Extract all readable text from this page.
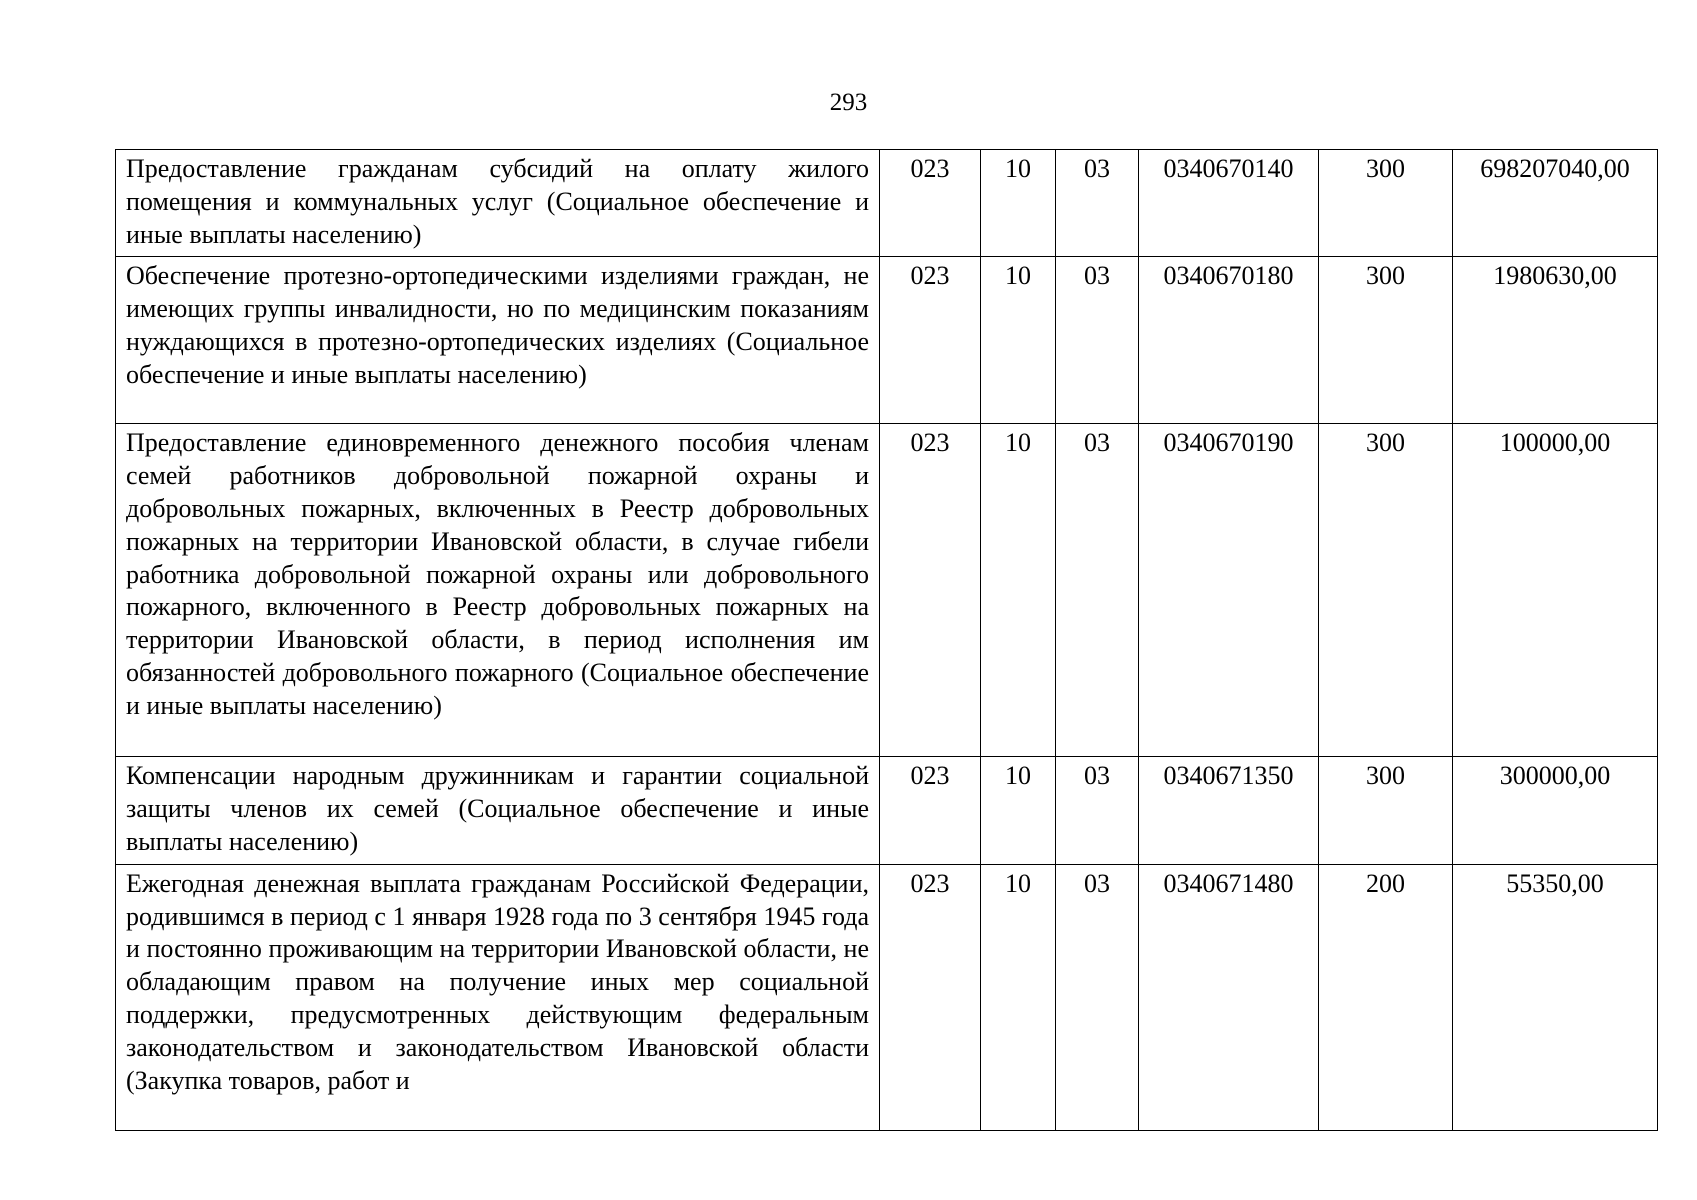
293
Предоставление гражданам субсидий на оплату жилого помещения и коммунальных услуг (Социальное обеспечение и иные выплаты населению)	023	10	03	0340670140	300	698207040,00
Обеспечение протезно-ортопедическими изделиями граждан, не имеющих группы инвалидности, но по медицинским показаниям нуждающихся в протезно-ортопедических изделиях (Социальное обеспечение и иные выплаты населению)	023	10	03	0340670180	300	1980630,00
Предоставление единовременного денежного пособия членам семей работников добровольной пожарной охраны и добровольных пожарных, включенных в Реестр добровольных пожарных на территории Ивановской области, в случае гибели работника добровольной пожарной охраны или добровольного пожарного, включенного в Реестр добровольных пожарных на территории Ивановской области, в период исполнения им обязанностей добровольного пожарного (Социальное обеспечение и иные выплаты населению)	023	10	03	0340670190	300	100000,00
Компенсации народным дружинникам и гарантии социальной защиты членов их семей (Социальное обеспечение и иные выплаты населению)	023	10	03	0340671350	300	300000,00
Ежегодная денежная выплата гражданам Российской Федерации, родившимся в период с 1 января 1928 года по 3 сентября 1945 года и постоянно проживающим на территории Ивановской области, не обладающим правом на получение иных мер социальной поддержки, предусмотренных действующим федеральным законодательством и законодательством Ивановской области (Закупка товаров, работ и	023	10	03	0340671480	200	55350,00
